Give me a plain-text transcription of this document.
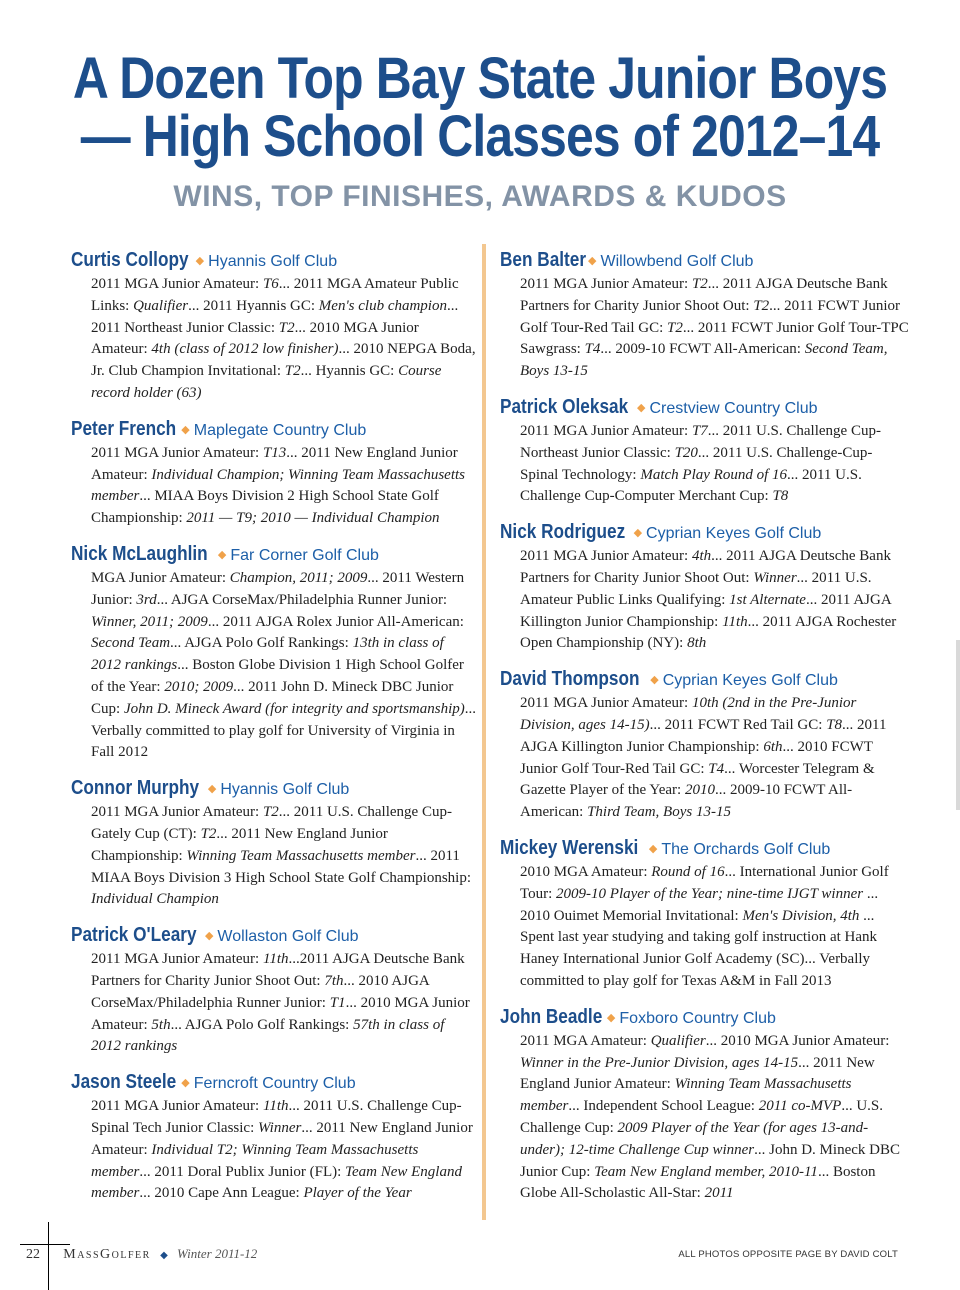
A Dozen Top Bay State Junior Boys
— High School Classes of 2012–14
WINS, TOP FINISHES, AWARDS & KUDOS
Curtis Collopy ◆ Hyannis Golf Club
2011 MGA Junior Amateur: T6... 2011 MGA Amateur Public Links: Qualifier... 2011 Hyannis GC: Men's club champion... 2011 Northeast Junior Classic: T2... 2010 MGA Junior Amateur: 4th (class of 2012 low finisher)... 2010 NEPGA Boda, Jr. Club Champion Invitational: T2... Hyannis GC: Course record holder (63)
Peter French ◆ Maplegate Country Club
2011 MGA Junior Amateur: T13... 2011 New England Junior Amateur: Individual Champion; Winning Team Massachusetts member... MIAA Boys Division 2 High School State Golf Championship: 2011 — T9; 2010 — Individual Champion
Nick McLaughlin ◆ Far Corner Golf Club
MGA Junior Amateur: Champion, 2011; 2009... 2011 Western Junior: 3rd... AJGA CorseMax/Philadelphia Runner Junior: Winner, 2011; 2009... 2011 AJGA Rolex Junior All-American: Second Team... AJGA Polo Golf Rankings: 13th in class of 2012 rankings... Boston Globe Division 1 High School Golfer of the Year: 2010; 2009... 2011 John D. Mineck DBC Junior Cup: John D. Mineck Award (for integrity and sportsmanship)... Verbally committed to play golf for University of Virginia in Fall 2012
Connor Murphy ◆ Hyannis Golf Club
2011 MGA Junior Amateur: T2... 2011 U.S. Challenge Cup-Gately Cup (CT): T2... 2011 New England Junior Championship: Winning Team Massachusetts member... 2011 MIAA Boys Division 3 High School State Golf Championship: Individual Champion
Patrick O'Leary ◆ Wollaston Golf Club
2011 MGA Junior Amateur: 11th...2011 AJGA Deutsche Bank Partners for Charity Junior Shoot Out: 7th... 2010 AJGA CorseMax/Philadelphia Runner Junior: T1... 2010 MGA Junior Amateur: 5th... AJGA Polo Golf Rankings: 57th in class of 2012 rankings
Jason Steele ◆ Ferncroft Country Club
2011 MGA Junior Amateur: 11th... 2011 U.S. Challenge Cup-Spinal Tech Junior Classic: Winner... 2011 New England Junior Amateur: Individual T2; Winning Team Massachusetts member... 2011 Doral Publix Junior (FL): Team New England member... 2010 Cape Ann League: Player of the Year
Ben Balter ◆ Willowbend Golf Club
2011 MGA Junior Amateur: T2... 2011 AJGA Deutsche Bank Partners for Charity Junior Shoot Out: T2... 2011 FCWT Junior Golf Tour-Red Tail GC: T2... 2011 FCWT Junior Golf Tour-TPC Sawgrass: T4... 2009-10 FCWT All-American: Second Team, Boys 13-15
Patrick Oleksak ◆ Crestview Country Club
2011 MGA Junior Amateur: T7... 2011 U.S. Challenge Cup-Northeast Junior Classic: T20... 2011 U.S. Challenge-Cup-Spinal Technology: Match Play Round of 16... 2011 U.S. Challenge Cup-Computer Merchant Cup: T8
Nick Rodriguez ◆ Cyprian Keyes Golf Club
2011 MGA Junior Amateur: 4th... 2011 AJGA Deutsche Bank Partners for Charity Junior Shoot Out: Winner... 2011 U.S. Amateur Public Links Qualifying: 1st Alternate... 2011 AJGA Killington Junior Championship: 11th... 2011 AJGA Rochester Open Championship (NY): 8th
David Thompson ◆ Cyprian Keyes Golf Club
2011 MGA Junior Amateur: 10th (2nd in the Pre-Junior Division, ages 14-15)... 2011 FCWT Red Tail GC: T8... 2011 AJGA Killington Junior Championship: 6th... 2010 FCWT Junior Golf Tour-Red Tail GC: T4... Worcester Telegram & Gazette Player of the Year: 2010... 2009-10 FCWT All-American: Third Team, Boys 13-15
Mickey Werenski ◆ The Orchards Golf Club
2010 MGA Amateur: Round of 16... International Junior Golf Tour: 2009-10 Player of the Year; nine-time IJGT winner ... 2010 Ouimet Memorial Invitational: Men's Division, 4th ... Spent last year studying and taking golf instruction at Hank Haney International Junior Golf Academy (SC)... Verbally committed to play golf for Texas A&M in Fall 2013
John Beadle ◆ Foxboro Country Club
2011 MGA Amateur: Qualifier... 2010 MGA Junior Amateur: Winner in the Pre-Junior Division, ages 14-15... 2011 New England Junior Amateur: Winning Team Massachusetts member... Independent School League: 2011 co-MVP... U.S. Challenge Cup: 2009 Player of the Year (for ages 13-and-under); 12-time Challenge Cup winner... John D. Mineck DBC Junior Cup: Team New England member, 2010-11... Boston Globe All-Scholastic All-Star: 2011
22 MassGolfer ◆ Winter 2011-12	ALL PHOTOS OPPOSITE PAGE BY DAVID COLT
